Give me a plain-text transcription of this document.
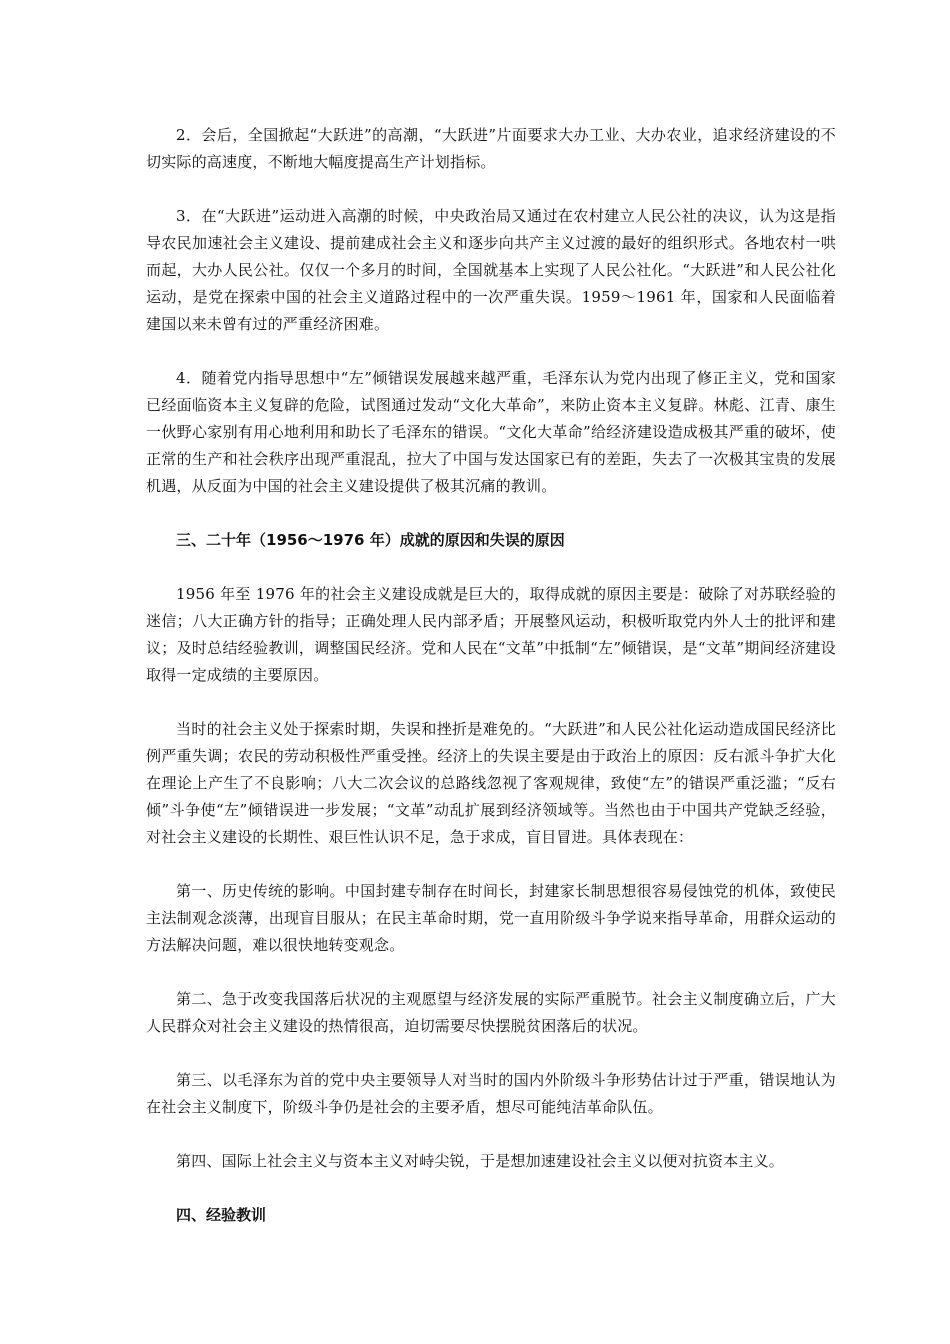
2．会后，全国掀起“大跃进”的高潮，“大跃进”片面要求大办工业、大办农业，追求经济建设的不切实际的高速度，不断地大幅度提高生产计划指标。

3．在“大跃进”运动进入高潮的时候，中央政治局又通过在农村建立人民公社的决议，认为这是指导农民加速社会主义建设、提前建成社会主义和逐步向共产主义过渡的最好的组织形式。各地农村一哄而起，大办人民公社。仅仅一个多月的时间，全国就基本上实现了人民公社化。“大跃进”和人民公社化运动，是党在探索中国的社会主义道路过程中的一次严重失误。1959～1961 年，国家和人民面临着建国以来未曾有过的严重经济困难。

4．随着党内指导思想中“左”倾错误发展越来越严重，毛泽东认为党内出现了修正主义，党和国家已经面临资本主义复辟的危险，试图通过发动“文化大革命”，来防止资本主义复辟。林彪、江青、康生一伙野心家别有用心地利用和助长了毛泽东的错误。“文化大革命”给经济建设造成极其严重的破坏，使正常的生产和社会秩序出现严重混乱，拉大了中国与发达国家已有的差距，失去了一次极其宝贵的发展机遇，从反面为中国的社会主义建设提供了极其沉痛的教训。

三、二十年（1956～1976 年）成就的原因和失误的原因

1956 年至 1976 年的社会主义建设成就是巨大的，取得成就的原因主要是：破除了对苏联经验的迷信；八大正确方针的指导；正确处理人民内部矛盾；开展整风运动，积极听取党内外人士的批评和建议；及时总结经验教训，调整国民经济。党和人民在“文革”中抵制“左”倾错误，是“文革”期间经济建设取得一定成绩的主要原因。

当时的社会主义处于探索时期，失误和挫折是难免的。“大跃进”和人民公社化运动造成国民经济比例严重失调；农民的劳动积极性严重受挫。经济上的失误主要是由于政治上的原因：反右派斗争扩大化在理论上产生了不良影响；八大二次会议的总路线忽视了客观规律，致使“左”的错误严重泛滥；“反右倾”斗争使“左”倾错误进一步发展；“文革”动乱扩展到经济领域等。当然也由于中国共产党缺乏经验，对社会主义建设的长期性、艰巨性认识不足，急于求成，盲目冒进。具体表现在：

第一、历史传统的影响。中国封建专制存在时间长，封建家长制思想很容易侵蚀党的机体，致使民主法制观念淡薄，出现盲目服从；在民主革命时期，党一直用阶级斗争学说来指导革命，用群众运动的方法解决问题，难以很快地转变观念。

第二、急于改变我国落后状况的主观愿望与经济发展的实际严重脱节。社会主义制度确立后，广大人民群众对社会主义建设的热情很高，迫切需要尽快摆脱贫困落后的状况。

第三、以毛泽东为首的党中央主要领导人对当时的国内外阶级斗争形势估计过于严重，错误地认为在社会主义制度下，阶级斗争仍是社会的主要矛盾，想尽可能纯洁革命队伍。

第四、国际上社会主义与资本主义对峙尖锐，于是想加速建设社会主义以便对抗资本主义。

四、经验教训
